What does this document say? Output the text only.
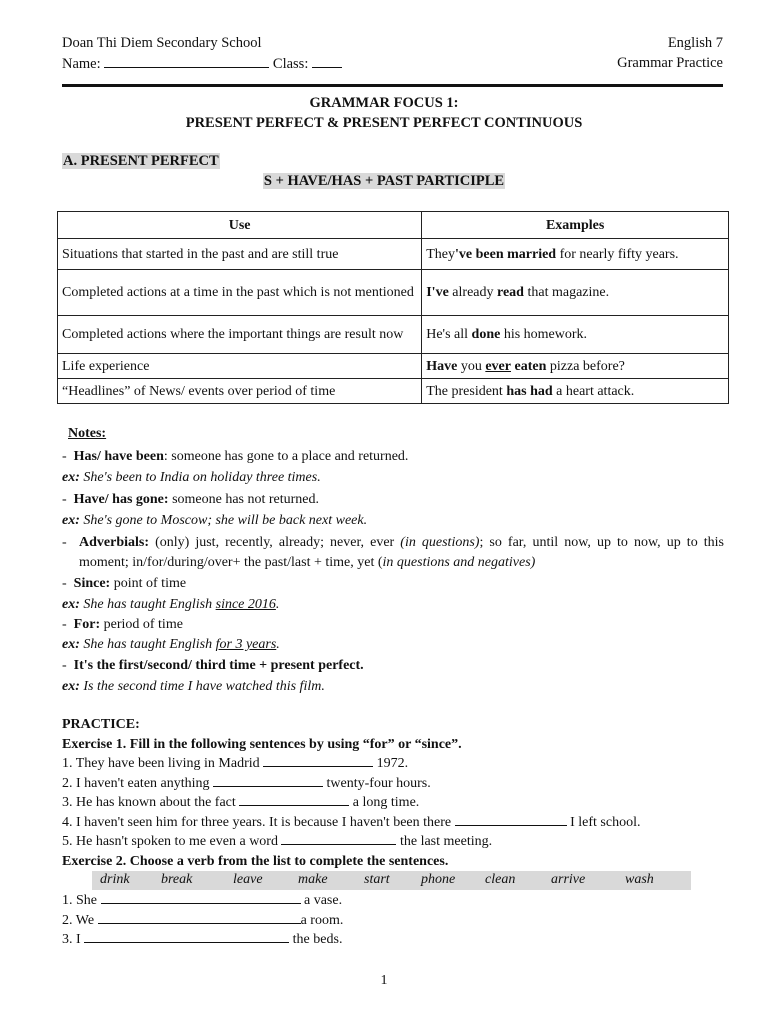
Doan Thi Diem Secondary School	English 7
Name:	Class:	Grammar Practice
GRAMMAR FOCUS 1:
PRESENT PERFECT & PRESENT PERFECT CONTINUOUS
A. PRESENT PERFECT
S + HAVE/HAS + PAST PARTICIPLE
Use	Examples
Situations that started in the past and are still true	They've been married for nearly fifty years.
Completed actions at a time in the past which is not mentioned	I've already read that magazine.
Completed actions where the important things are result now	He's all done his homework.
Life experience	Have you ever eaten pizza before?
“Headlines” of News/ events over period of time	The president has had a heart attack.
Notes:
-  Has/ have been: someone has gone to a place and returned.
ex: She's been to India on holiday three times.
-  Have/ has gone: someone has not returned.
ex: She's gone to Moscow; she will be back next week.
- Adverbials: (only) just, recently, already; never, ever (in questions); so far, until now, up to now, up to this moment; in/for/during/over+ the past/last + time, yet (in questions and negatives)
-  Since: point of time
ex: She has taught English since 2016.
-  For: period of time
ex: She has taught English for 3 years.
-  It's the first/second/ third time + present perfect.
ex: Is the second time I have watched this film.
PRACTICE:
Exercise 1. Fill in the following sentences by using “for” or “since”.
1. They have been living in Madrid	1972.
2. I haven't eaten anything	twenty-four hours.
3. He has known about the fact	a long time.
4. I haven't seen him for three years. It is because I haven't been there	I left school.
5. He hasn't spoken to me even a word	the last meeting.
Exercise 2. Choose a verb from the list to complete the sentences.
drink break	leave	make	start phone clean	arrive	wash
1. She	a vase.
2. We	a room.
3. I	the beds.
1
